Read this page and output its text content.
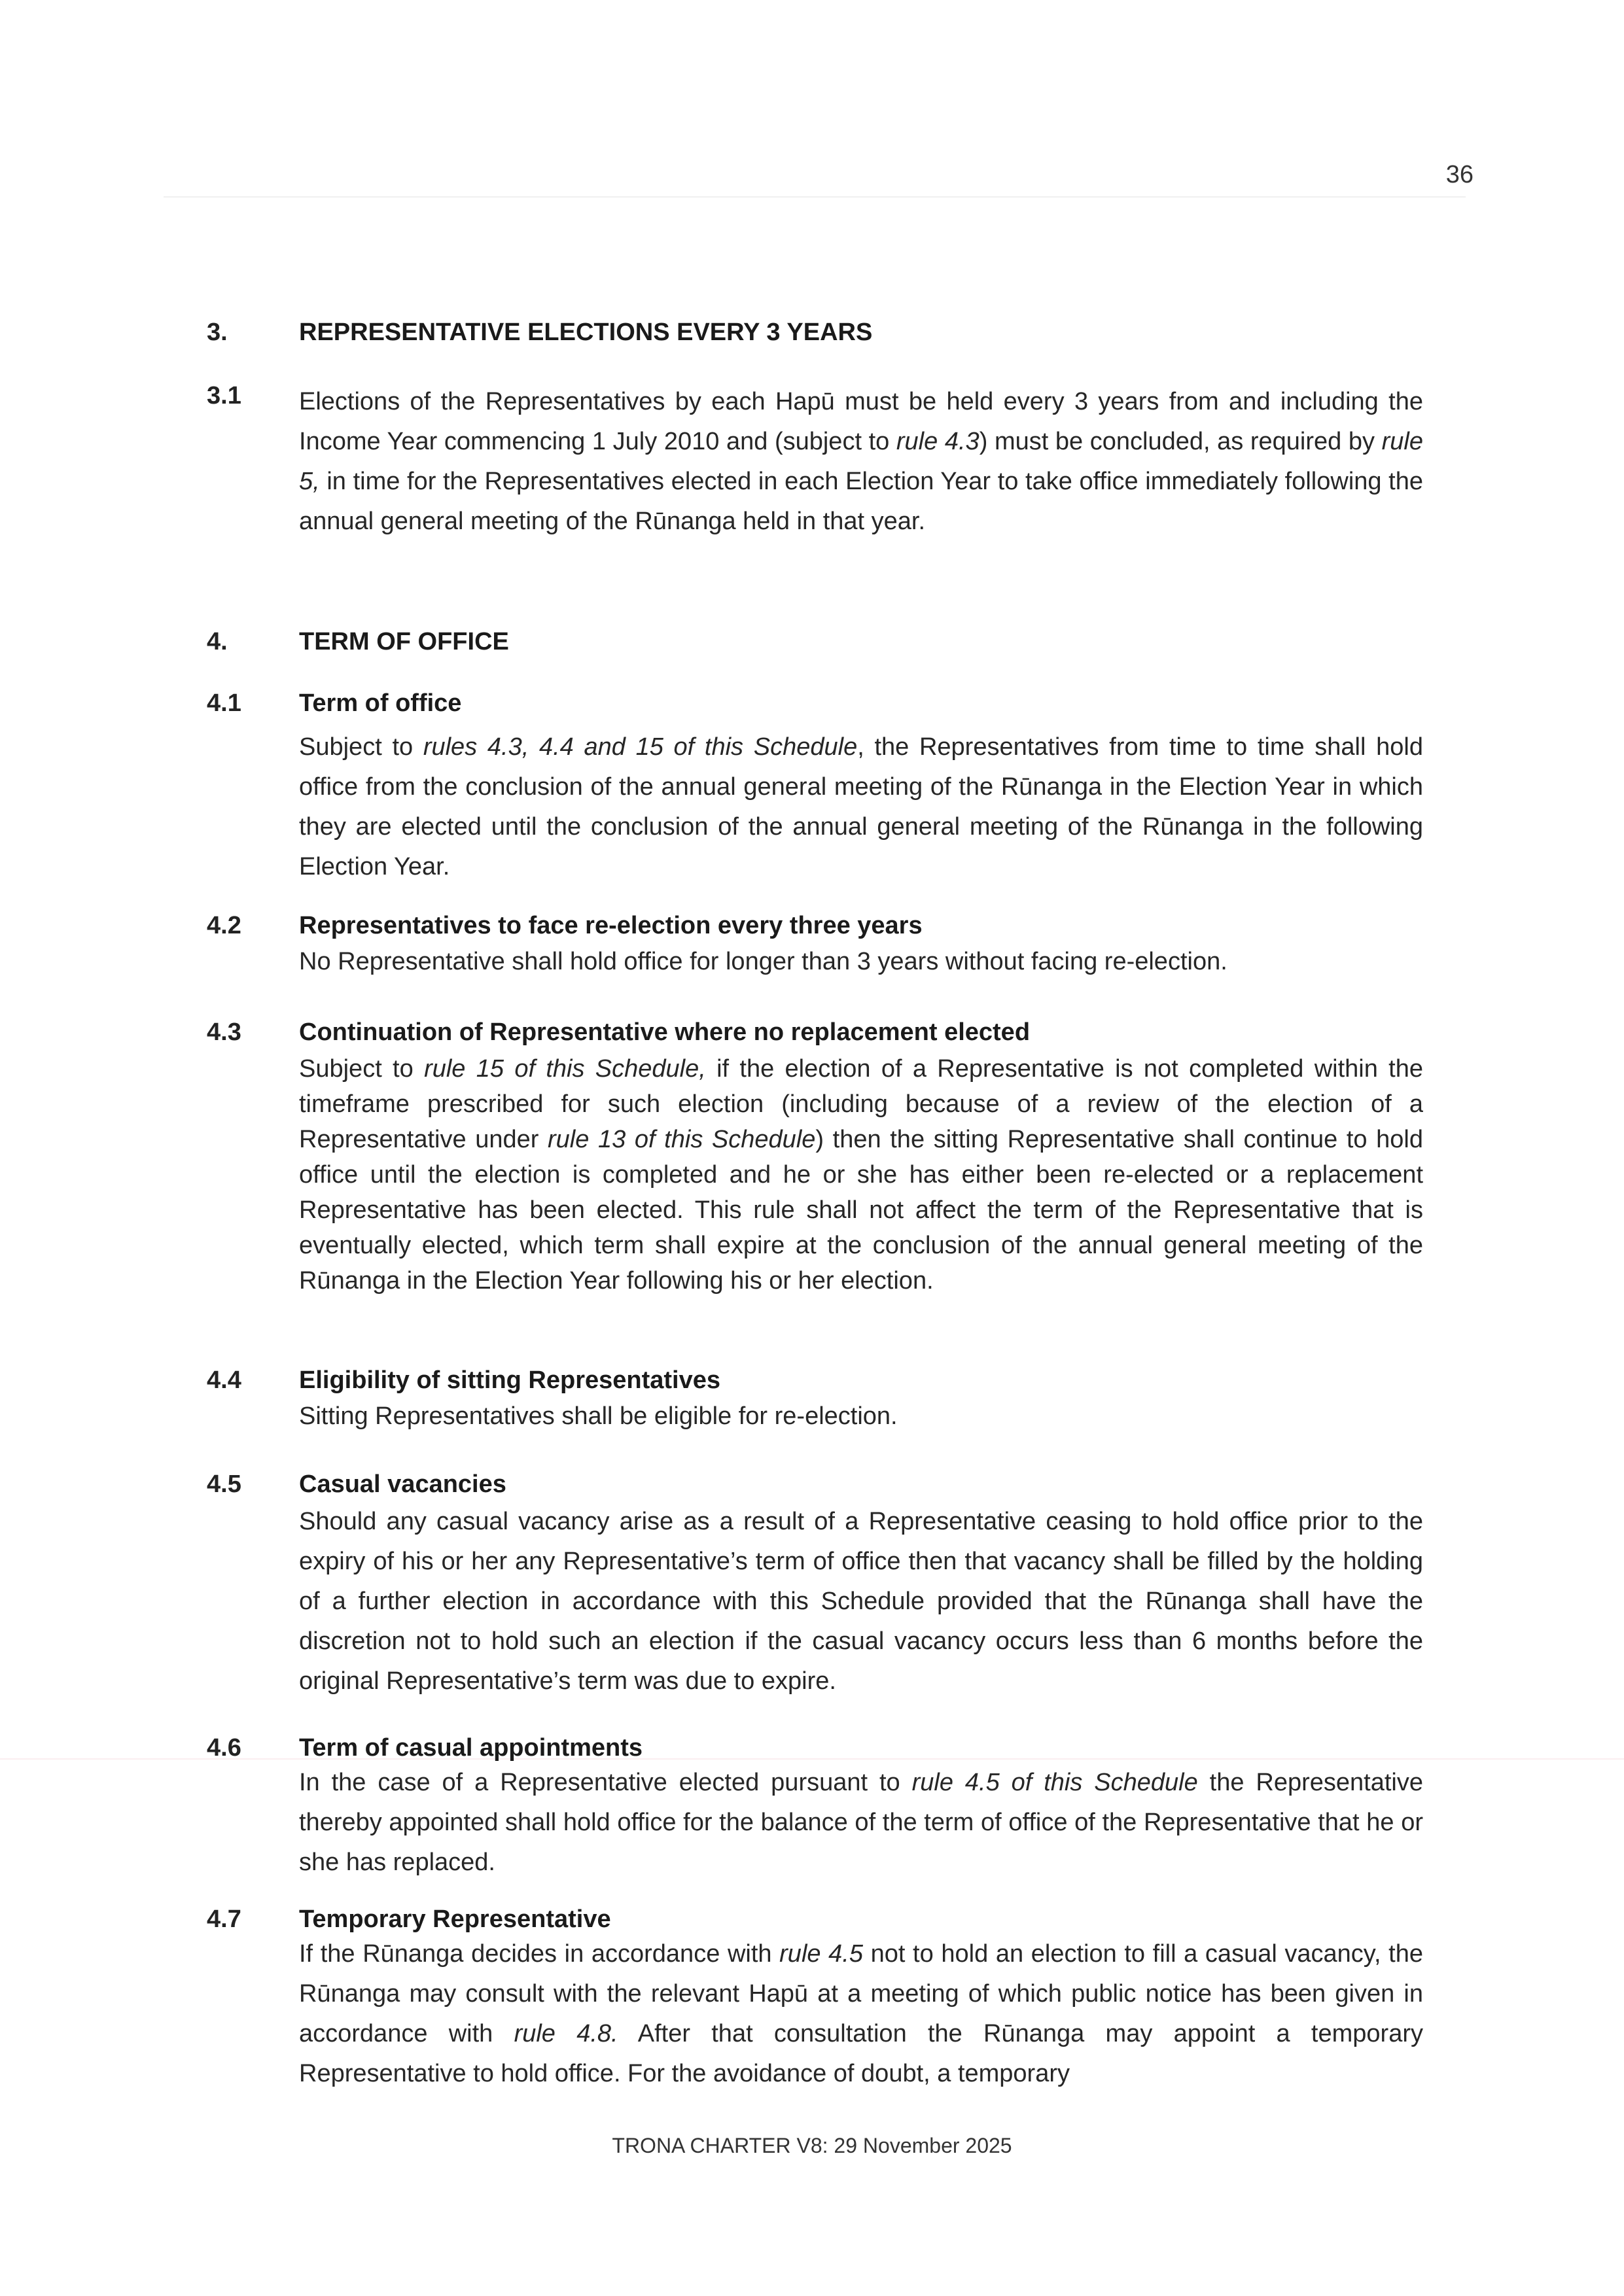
36
3.	REPRESENTATIVE ELECTIONS EVERY 3 YEARS
3.1 Elections of the Representatives by each Hapū must be held every 3 years from and including the Income Year commencing 1 July 2010 and (subject to rule 4.3) must be concluded, as required by rule 5, in time for the Representatives elected in each Election Year to take office immediately following the annual general meeting of the Rūnanga held in that year.
4.	TERM OF OFFICE
4.1 Term of office
Subject to rules 4.3, 4.4 and 15 of this Schedule, the Representatives from time to time shall hold office from the conclusion of the annual general meeting of the Rūnanga in the Election Year in which they are elected until the conclusion of the annual general meeting of the Rūnanga in the following Election Year.
4.2 Representatives to face re-election every three years
No Representative shall hold office for longer than 3 years without facing re-election.
4.3 Continuation of Representative where no replacement elected
Subject to rule 15 of this Schedule, if the election of a Representative is not completed within the timeframe prescribed for such election (including because of a review of the election of a Representative under rule 13 of this Schedule) then the sitting Representative shall continue to hold office until the election is completed and he or she has either been re-elected or a replacement Representative has been elected. This rule shall not affect the term of the Representative that is eventually elected, which term shall expire at the conclusion of the annual general meeting of the Rūnanga in the Election Year following his or her election.
4.4 Eligibility of sitting Representatives
Sitting Representatives shall be eligible for re-election.
4.5 Casual vacancies
Should any casual vacancy arise as a result of a Representative ceasing to hold office prior to the expiry of his or her any Representative’s term of office then that vacancy shall be filled by the holding of a further election in accordance with this Schedule provided that the Rūnanga shall have the discretion not to hold such an election if the casual vacancy occurs less than 6 months before the original Representative’s term was due to expire.
4.6 Term of casual appointments
In the case of a Representative elected pursuant to rule 4.5 of this Schedule the Representative thereby appointed shall hold office for the balance of the term of office of the Representative that he or she has replaced.
4.7 Temporary Representative
If the Rūnanga decides in accordance with rule 4.5 not to hold an election to fill a casual vacancy, the Rūnanga may consult with the relevant Hapū at a meeting of which public notice has been given in accordance with rule 4.8. After that consultation the Rūnanga may appoint a temporary Representative to hold office. For the avoidance of doubt, a temporary
TRONA CHARTER V8: 29 November 2025
